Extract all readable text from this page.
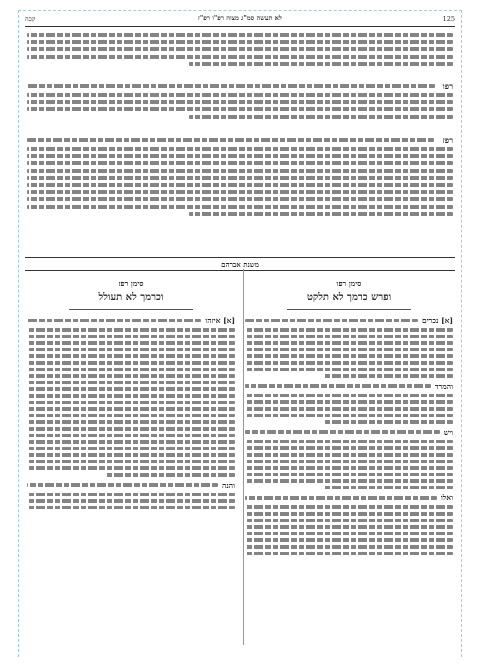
125
לא תעשה סמ"ג מצוה רפ"ו רפ"ז
קכה
רפו
רפז
משנת אברהם
סימן רפו
ופרש כרמך לא תלקט
[א] נכרים
והמרד
ויש
ואלו
סימן רפז
וכרמך לא תעולל
[א] איזהו
והנה
